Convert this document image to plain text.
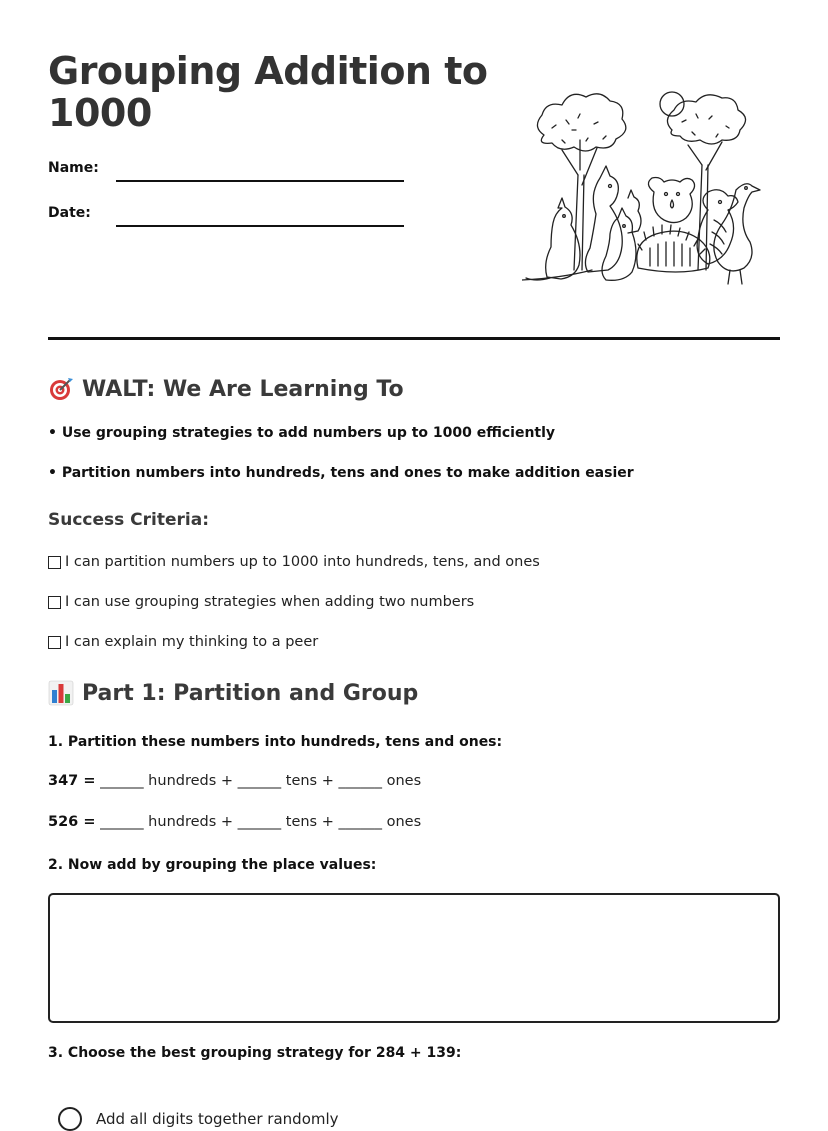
Grouping Addition to 1000
Name:
Date:
WALT: We Are Learning To
• Use grouping strategies to add numbers up to 1000 efficiently
• Partition numbers into hundreds, tens and ones to make addition easier
Success Criteria:
I can partition numbers up to 1000 into hundreds, tens, and ones
I can use grouping strategies when adding two numbers
I can explain my thinking to a peer
Part 1: Partition and Group
1. Partition these numbers into hundreds, tens and ones:
347 = ______ hundreds + ______ tens + ______ ones
526 = ______ hundreds + ______ tens + ______ ones
2. Now add by grouping the place values:
3. Choose the best grouping strategy for 284 + 139:
Add all digits together randomly
